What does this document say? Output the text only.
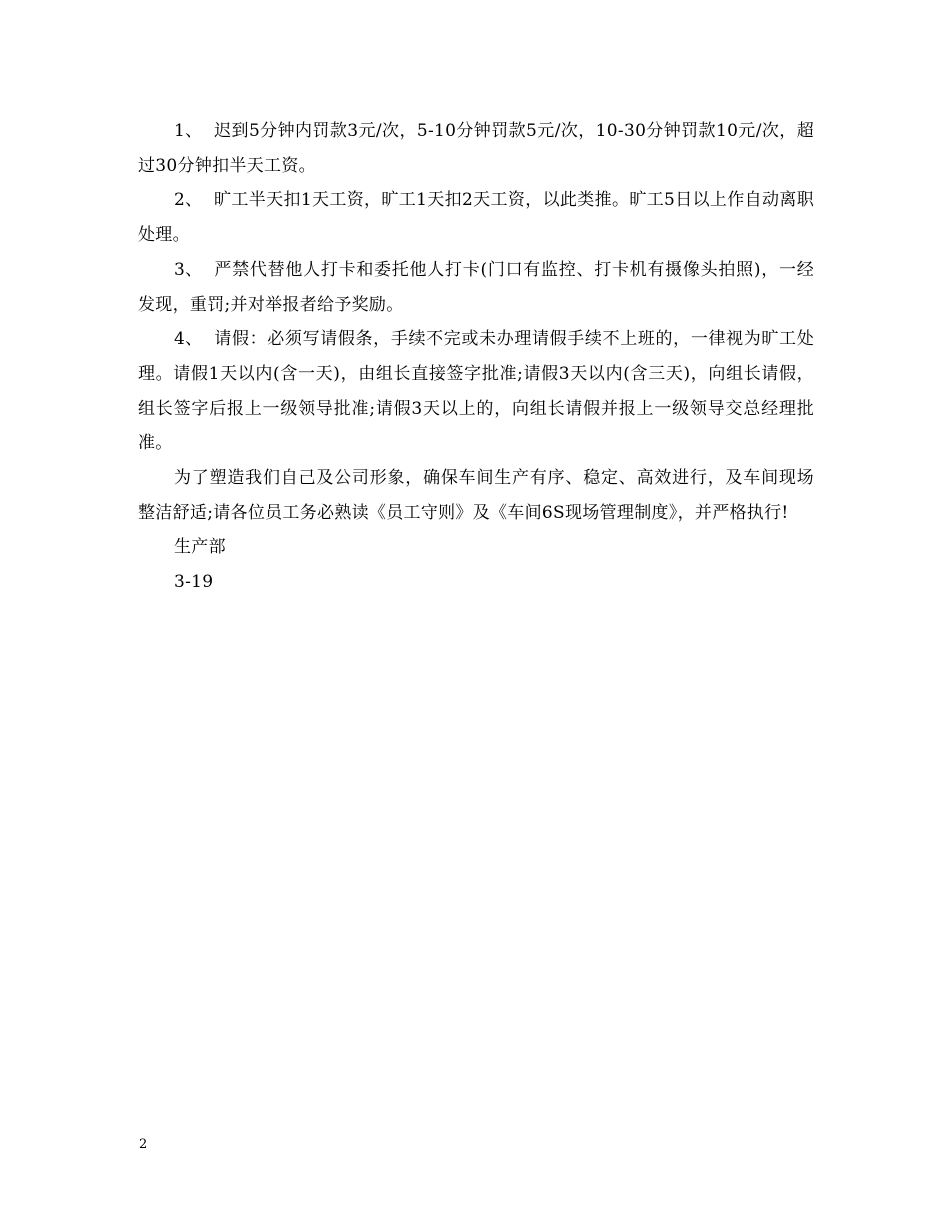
1、 迟到5分钟内罚款3元/次，5-10分钟罚款5元/次，10-30分钟罚款10元/次，超过30分钟扣半天工资。

2、 旷工半天扣1天工资，旷工1天扣2天工资，以此类推。旷工5日以上作自动离职处理。

3、 严禁代替他人打卡和委托他人打卡(门口有监控、打卡机有摄像头拍照)，一经发现，重罚;并对举报者给予奖励。

4、 请假：必须写请假条，手续不完或未办理请假手续不上班的，一律视为旷工处理。请假1天以内(含一天)，由组长直接签字批准;请假3天以内(含三天)，向组长请假，组长签字后报上一级领导批准;请假3天以上的，向组长请假并报上一级领导交总经理批准。

为了塑造我们自己及公司形象，确保车间生产有序、稳定、高效进行，及车间现场整洁舒适;请各位员工务必熟读《员工守则》及《车间6S现场管理制度》，并严格执行!

生产部

3-19

2
